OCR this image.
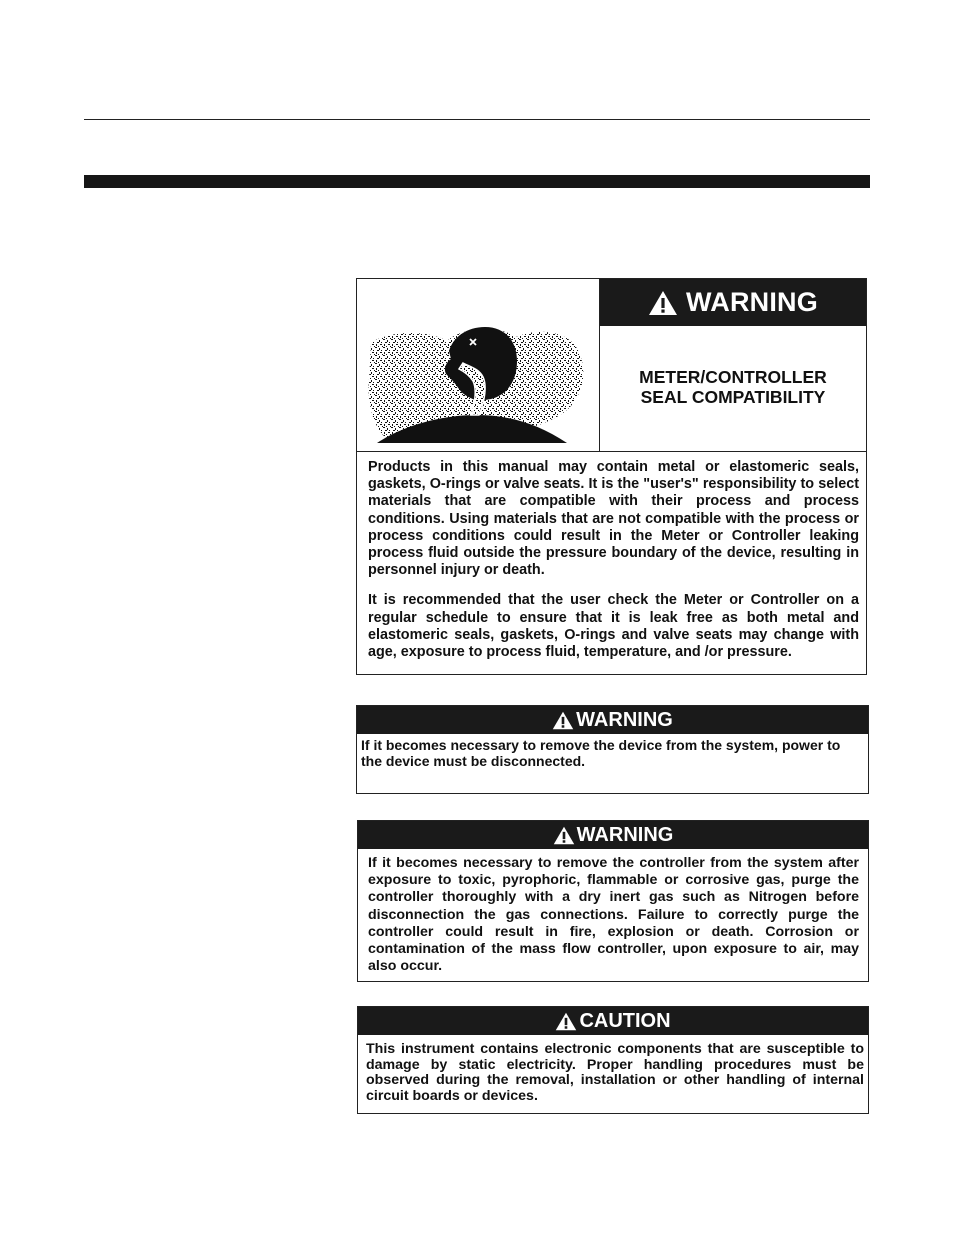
WARNING
METER/CONTROLLER
SEAL COMPATIBILITY

Products in this manual may contain metal or elastomeric seals, gaskets, O-rings or valve seats. It is the "user's" responsibility to select materials that are compatible with their process and process conditions. Using materials that are not compatible with the process or process conditions could result in the Meter or Controller leaking process fluid outside the pressure boundary of the device, resulting in personnel injury or death.

It is recommended that the user check the Meter or Controller on a regular schedule to ensure that it is leak free as both metal and elastomeric seals, gaskets, O-rings and valve seats may change with age, exposure to process fluid, temperature, and /or pressure.

WARNING
If it becomes necessary to remove the device from the system, power to the device must be disconnected.
WARNING
If it becomes necessary to remove the controller from the system after exposure to toxic, pyrophoric, flammable or corrosive gas, purge the controller thoroughly with a dry inert gas such as Nitrogen before disconnection the gas connections. Failure to correctly purge the controller could result in fire, explosion or death. Corrosion or contamination of the mass flow controller, upon exposure to air, may also occur.
CAUTION
This instrument contains electronic components that are susceptible to damage by static electricity. Proper handling procedures must be observed during the removal, installation or other handling of internal circuit boards or devices.
